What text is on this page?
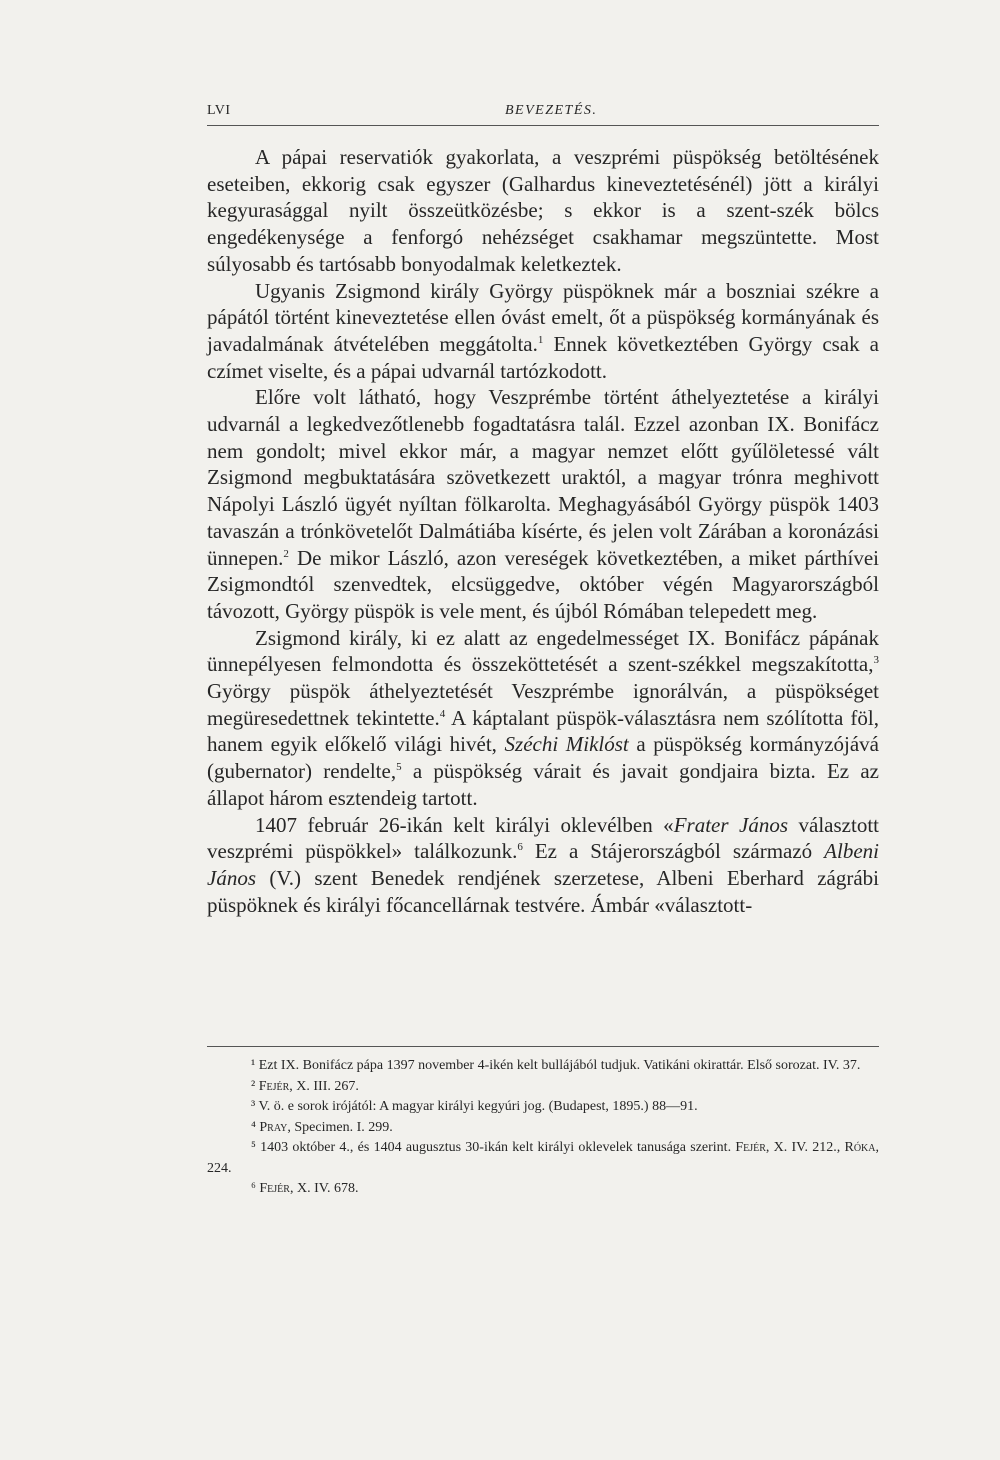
LVI	BEVEZETÉS.

A pápai reservatiók gyakorlata, a veszprémi püspökség betöltésének eseteiben, ekkorig csak egyszer (Galhardus kineveztetésénél) jött a királyi kegyurasággal nyilt összeütközésbe; s ekkor is a szent-szék bölcs engedékenysége a fenforgó nehézséget csakhamar megszüntette. Most súlyosabb és tartósabb bonyodalmak keletkeztek.

Ugyanis Zsigmond király György püspöknek már a boszniai székre a pápától történt kineveztetése ellen óvást emelt, őt a püspökség kormányának és javadalmának átvételében meggátolta.$^1$ Ennek következtében György csak a czímet viselte, és a pápai udvarnál tartózkodott.

Előre volt látható, hogy Veszprémbe történt áthelyeztetése a királyi udvarnál a legkedvezőtlenebb fogadtatásra talál. Ezzel azonban IX. Bonifácz nem gondolt; mivel ekkor már, a magyar nemzet előtt gyűlöletessé vált Zsigmond megbuktatására szövetkezett uraktól, a magyar trónra meghivott Nápolyi László ügyét nyíltan fölkarolta. Meghagyásából György püspök 1403 tavaszán a trónkövetelőt Dalmátiába kísérte, és jelen volt Zárában a koronázási ünnepen.$^2$ De mikor László, azon vereségek következtében, a miket párthívei Zsigmondtól szenvedtek, elcsüggedve, október végén Magyarországból távozott, György püspök is vele ment, és újból Rómában telepedett meg.

Zsigmond király, ki ez alatt az engedelmességet IX. Bonifácz pápának ünnepélyesen felmondotta és összeköttetését a szent-székkel megszakította,$^3$ György püspök áthelyeztetését Veszprémbe ignorálván, a püspökséget megüresedettnek tekintette.$^4$ A káptalant püspök-választásra nem szólította föl, hanem egyik előkelő világi hivét, Széchi Miklóst a püspökség kormányzójává (gubernator) rendelte,$^5$ a püspökség várait és javait gondjaira bizta. Ez az állapot három esztendeig tartott.

1407 február 26-ikán kelt királyi oklevélben «Frater János választott veszprémi püspökkel» találkozunk.$^6$ Ez a Stájerországból származó Albeni János (V.) szent Benedek rendjének szerzetese, Albeni Eberhard zágrábi püspöknek és királyi főcancellárnak testvére. Ámbár «választott-

¹ Ezt IX. Bonifácz pápa 1397 november 4-ikén kelt bullájából tudjuk. Vatikáni okirattár. Első sorozat. IV. 37.

² Fejér, X. III. 267.

³ V. ö. e sorok irójától: A magyar királyi kegyúri jog. (Budapest, 1895.) 88—91.

⁴ Pray, Specimen. I. 299.

⁵ 1403 október 4., és 1404 augusztus 30-ikán kelt királyi oklevelek tanusága szerint. Fejér, X. IV. 212., Róka, 224.

⁶ Fejér, X. IV. 678.
